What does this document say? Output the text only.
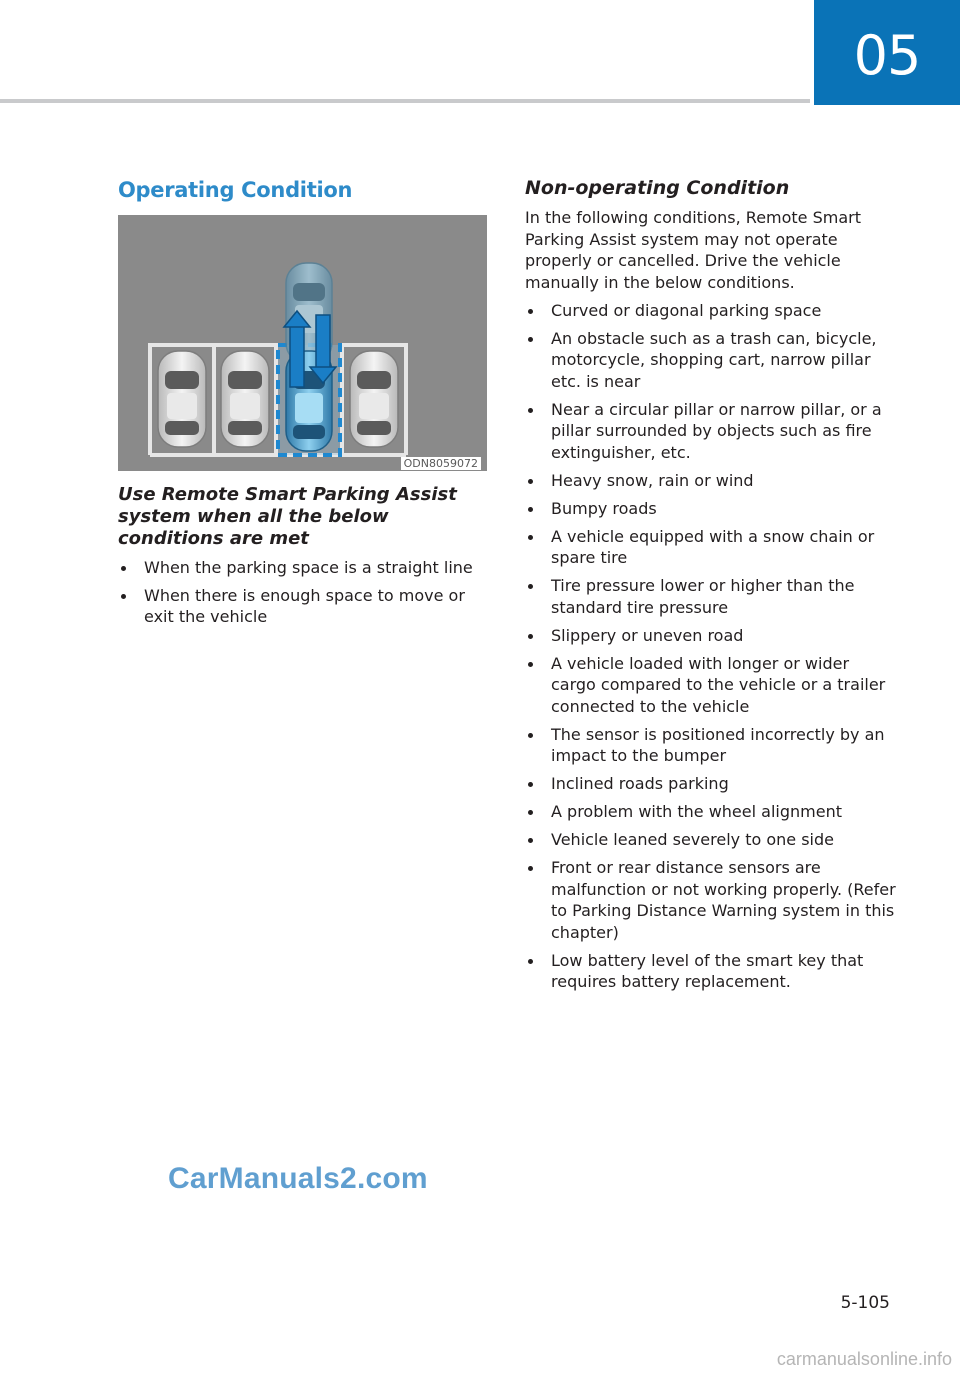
05
Operating Condition
ODN8059072
Use Remote Smart Parking Assist system when all the below conditions are met
When the parking space is a straight line
When there is enough space to move or exit the vehicle
Non-operating Condition

In the following conditions, Remote Smart Parking Assist system may not operate properly or cancelled. Drive the vehicle manually in the below conditions.

Curved or diagonal parking space
An obstacle such as a trash can, bicycle, motorcycle, shopping cart, narrow pillar etc. is near
Near a circular pillar or narrow pillar, or a pillar surrounded by objects such as fire extinguisher, etc.
Heavy snow, rain or wind
Bumpy roads
A vehicle equipped with a snow chain or spare tire
Tire pressure lower or higher than the standard tire pressure
Slippery or uneven road
A vehicle loaded with longer or wider cargo compared to the vehicle or a trailer connected to the vehicle
The sensor is positioned incorrectly by an impact to the bumper
Inclined roads parking
A problem with the wheel alignment
Vehicle leaned severely to one side
Front or rear distance sensors are malfunction or not working properly. (Refer to Parking Distance Warning system in this chapter)
Low battery level of the smart key that requires battery replacement.
CarManuals2.com
5-105
carmanualsonline.info
